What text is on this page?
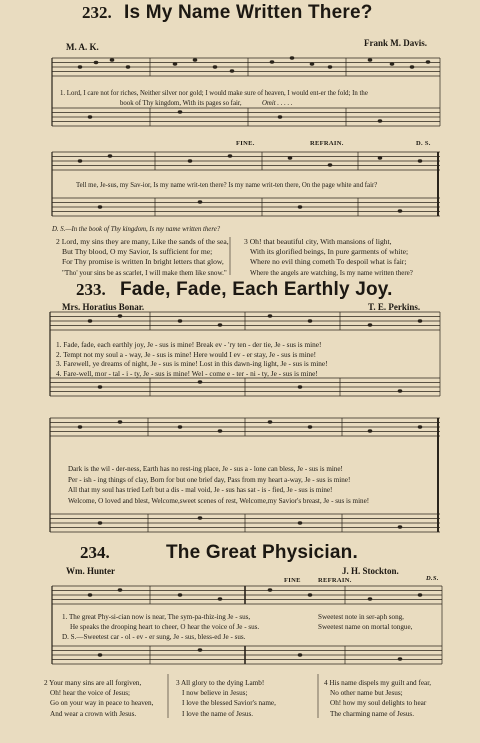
232. Is My Name Written There?
M. A. K.	Frank M. Davis.
1. Lord, I care not for riches, Neither silver nor gold; I would make sure of heaven, I would ent-er the fold; In the
book of Thy kingdom, With its pages so fair,	Omit . . . . .
FINE.	REFRAIN.	D. S.
Tell me, Je-sus, my Sav-ior, Is my name writ-ten there? Is my name writ-ten there, On the page white and fair?
D. S.—In the book of Thy kingdom, Is my name written there?
2 Lord, my sins they are many, Like the sands of the sea,
But Thy blood, O my Savior, Is sufficient for me;
For Thy promise is written In bright letters that glow,
"Tho' your sins be as scarlet, I will make them like snow."
3 Oh! that beautiful city, With mansions of light,
With its glorified beings, In pure garments of white;
Where no evil thing cometh To despoil what is fair;
Where the angels are watching, Is my name written there?
233. Fade, Fade, Each Earthly Joy.
Mrs. Horatius Bonar.	T. E. Perkins.
1. Fade, fade, each earthly joy, Je - sus is mine! Break ev - 'ry ten - der tie, Je - sus is mine!
2. Tempt not my soul a - way, Je - sus is mine! Here would I ev - er stay, Je - sus is mine!
3. Farewell, ye dreams of night, Je - sus is mine! Lost in this dawn-ing light, Je - sus is mine!
4. Fare-well, mor - tal - i - ty, Je - sus is mine! Wel - come e - ter - ni - ty, Je - sus is mine!
Dark is the wil - der-ness, Earth has no rest-ing place, Je - sus a - lone can bless, Je - sus is mine!
Per - ish - ing things of clay, Born for but one brief day, Pass from my heart a-way, Je - sus is mine!
All that my soul has tried Left but a dis - mal void, Je - sus has sat - is - fied, Je - sus is mine!
Welcome, O loved and blest, Welcome,sweet scenes of rest, Welcome,my Savior's breast, Je - sus is mine!
234.	The Great Physician.
Wm. Hunter	J. H. Stockton.
FINE	REFRAIN.	D.S.
1. The great Phy-si-cian now is near, The sym-pa-thiz-ing Je - sus,
He speaks the drooping heart to cheer, O hear the voice of Je - sus.
D. S.—Sweetest car - ol - ev - er sung, Je - sus, bless-ed Je - sus.
Sweetest note in ser-aph song,
Sweetest name on mortal tongue,
2 Your many sins are all forgiven,
Oh! hear the voice of Jesus;
Go on your way in peace to heaven,
And wear a crown with Jesus.
3 All glory to the dying Lamb!
I now believe in Jesus;
I love the blessed Savior's name,
I love the name of Jesus.
4 His name dispels my guilt and fear,
No other name but Jesus;
Oh! how my soul delights to hear
The charming name of Jesus.
